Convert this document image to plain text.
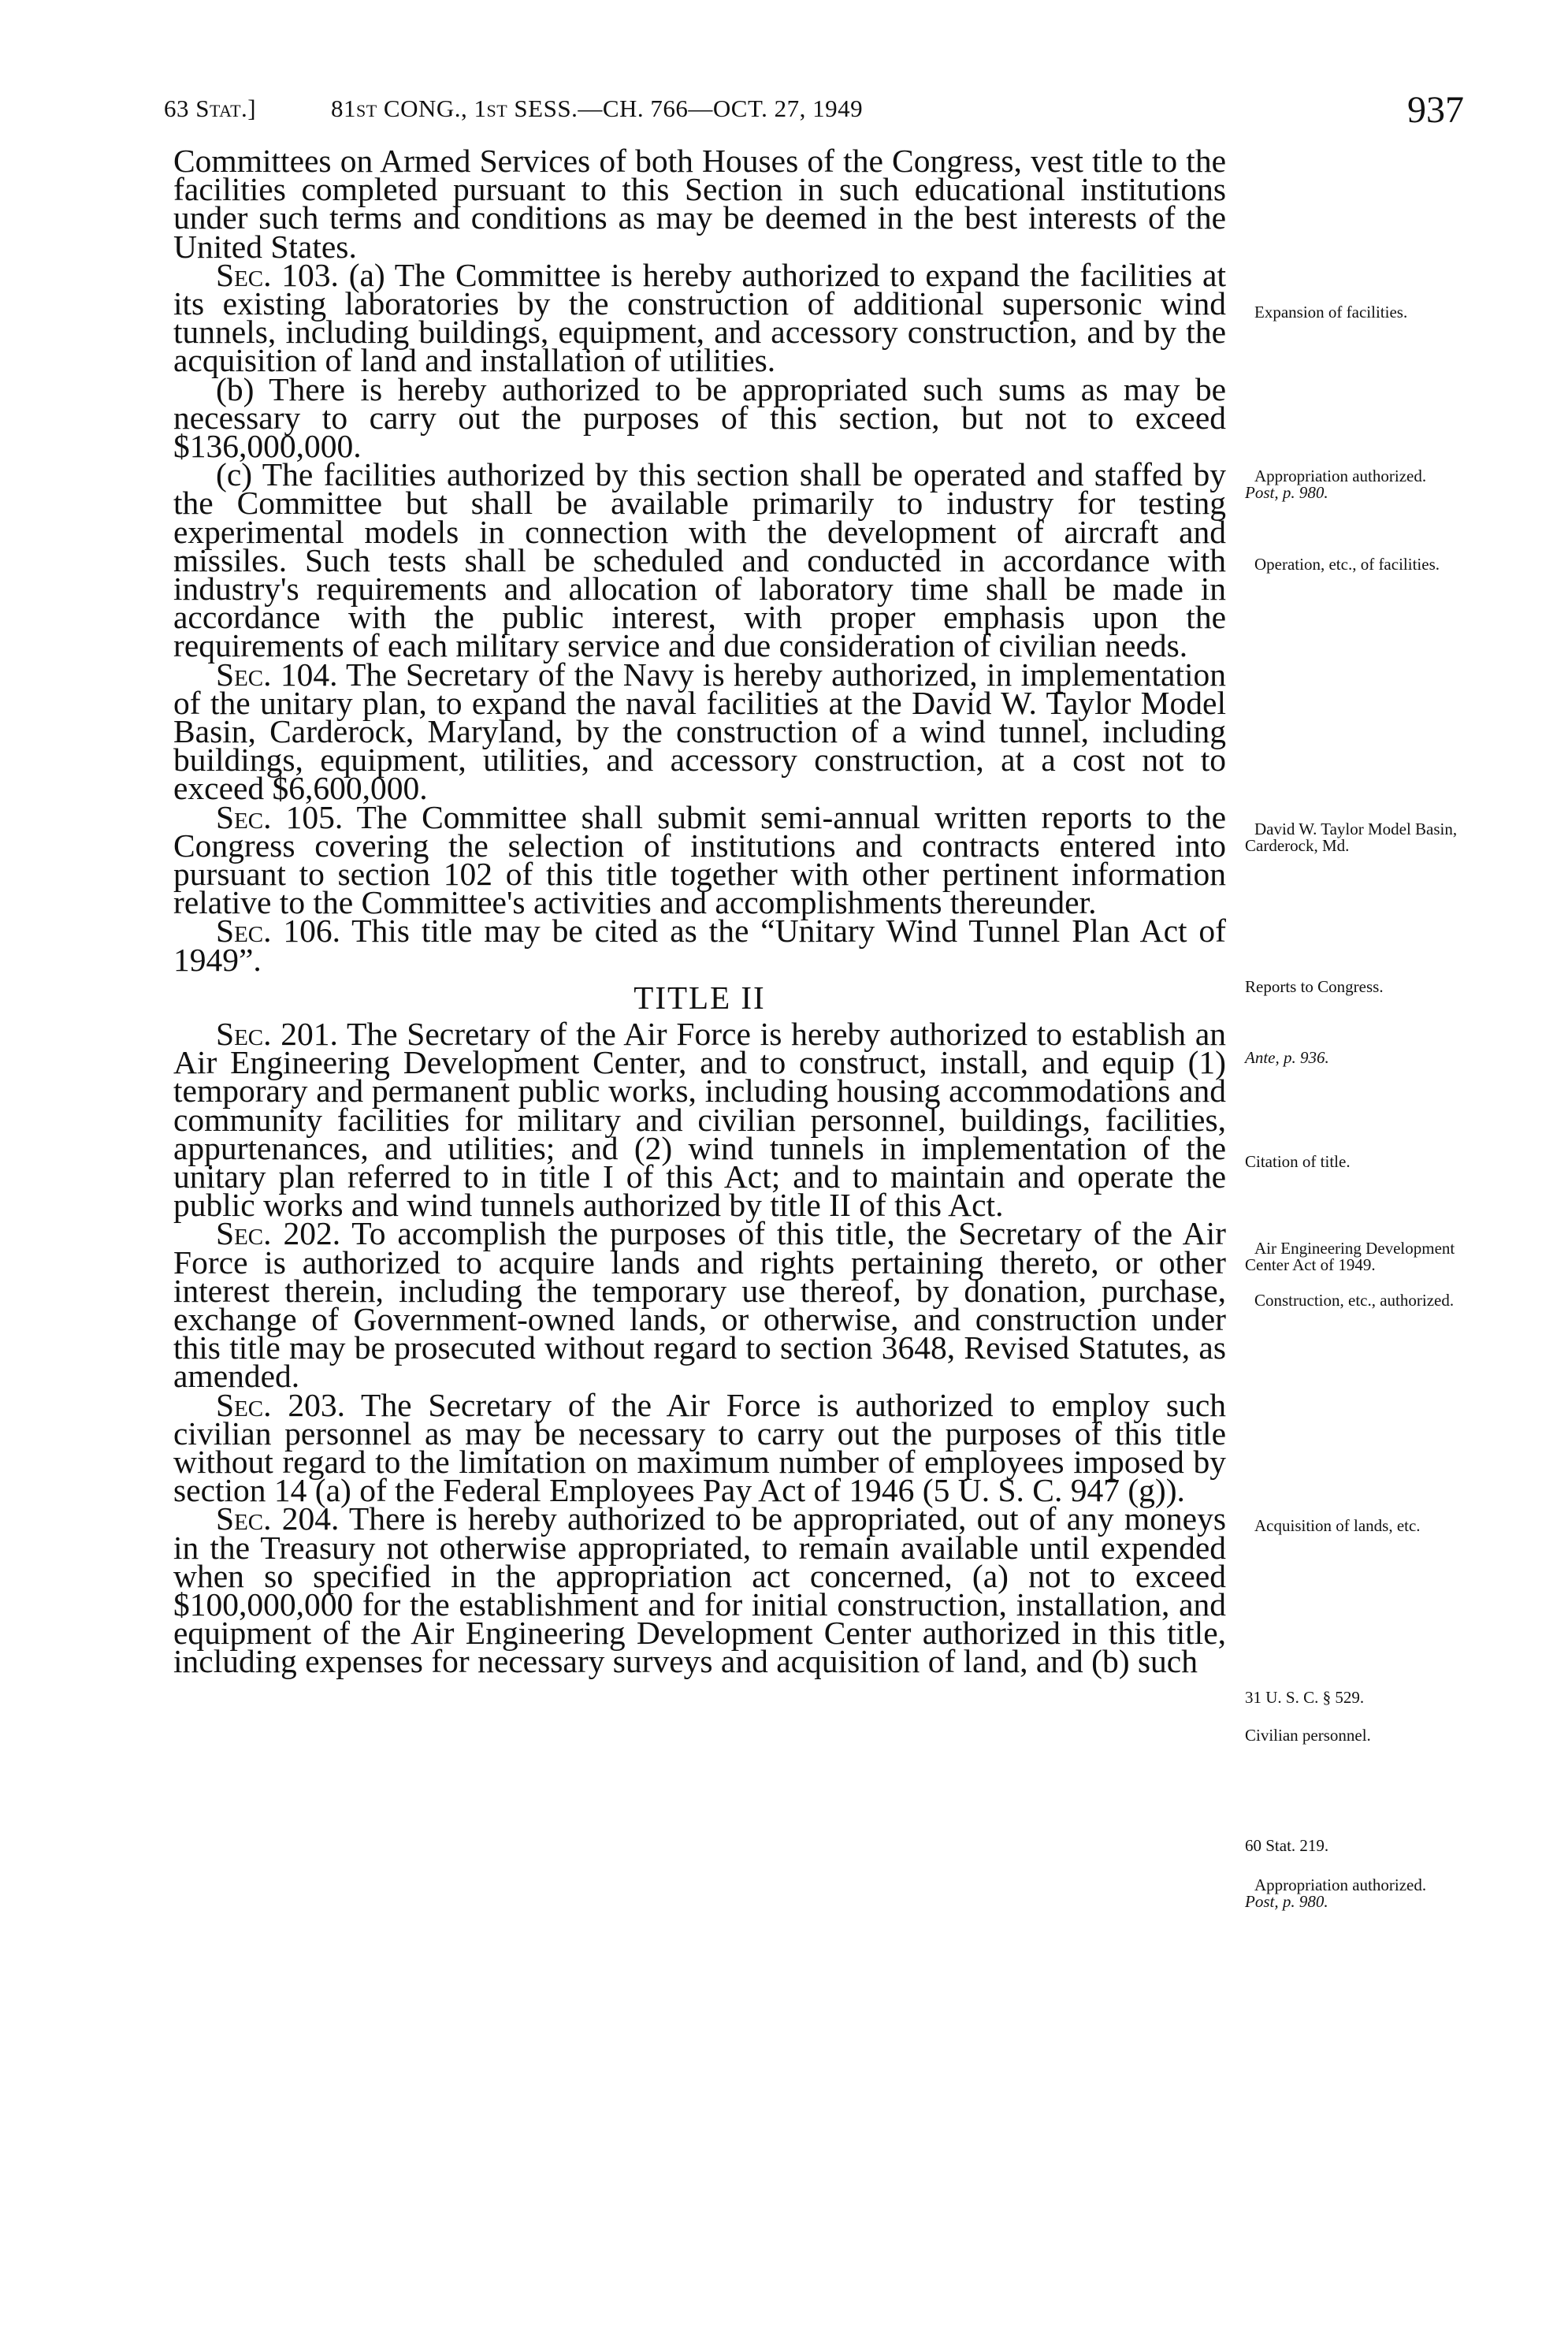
63 Stat.]	81st CONG., 1st SESS.—CH. 766—OCT. 27, 1949	937

Committees on Armed Services of both Houses of the Congress, vest title to the facilities completed pursuant to this Section in such educational institutions under such terms and conditions as may be deemed in the best interests of the United States.

Sec. 103. (a) The Committee is hereby authorized to expand the facilities at its existing laboratories by the construction of additional supersonic wind tunnels, including buildings, equipment, and accessory construction, and by the acquisition of land and installation of utilities.

(b) There is hereby authorized to be appropriated such sums as may be necessary to carry out the purposes of this section, but not to exceed $136,000,000.

(c) The facilities authorized by this section shall be operated and staffed by the Committee but shall be available primarily to industry for testing experimental models in connection with the development of aircraft and missiles. Such tests shall be scheduled and conducted in accordance with industry's requirements and allocation of laboratory time shall be made in accordance with the public interest, with proper emphasis upon the requirements of each military service and due consideration of civilian needs.

Sec. 104. The Secretary of the Navy is hereby authorized, in implementation of the unitary plan, to expand the naval facilities at the David W. Taylor Model Basin, Carderock, Maryland, by the construction of a wind tunnel, including buildings, equipment, utilities, and accessory construction, at a cost not to exceed $6,600,000.

Sec. 105. The Committee shall submit semi-annual written reports to the Congress covering the selection of institutions and contracts entered into pursuant to section 102 of this title together with other pertinent information relative to the Committee's activities and accomplishments thereunder.

Sec. 106. This title may be cited as the “Unitary Wind Tunnel Plan Act of 1949”.

TITLE II

Sec. 201. The Secretary of the Air Force is hereby authorized to establish an Air Engineering Development Center, and to construct, install, and equip (1) temporary and permanent public works, including housing accommodations and community facilities for military and civilian personnel, buildings, facilities, appurtenances, and utilities; and (2) wind tunnels in implementation of the unitary plan referred to in title I of this Act; and to maintain and operate the public works and wind tunnels authorized by title II of this Act.

Sec. 202. To accomplish the purposes of this title, the Secretary of the Air Force is authorized to acquire lands and rights pertaining thereto, or other interest therein, including the temporary use thereof, by donation, purchase, exchange of Government-owned lands, or otherwise, and construction under this title may be prosecuted without regard to section 3648, Revised Statutes, as amended.

Sec. 203. The Secretary of the Air Force is authorized to employ such civilian personnel as may be necessary to carry out the purposes of this title without regard to the limitation on maximum number of employees imposed by section 14 (a) of the Federal Employees Pay Act of 1946 (5 U. S. C. 947 (g)).

Sec. 204. There is hereby authorized to be appropriated, out of any moneys in the Treasury not otherwise appropriated, to remain available until expended when so specified in the appropriation act concerned, (a) not to exceed $100,000,000 for the establishment and for initial construction, installation, and equipment of the Air Engineering Development Center authorized in this title, including expenses for necessary surveys and acquisition of land, and (b) such

Expansion of facilities.
Appropriation authorized.
Post, p. 980.
Operation, etc., of facilities.
David W. Taylor Model Basin, Carderock, Md.
Reports to Congress.
Ante, p. 936.
Citation of title.
Air Engineering Development Center Act of 1949.
Construction, etc., authorized.
Acquisition of lands, etc.
31 U. S. C. § 529.
Civilian personnel.
60 Stat. 219.
Appropriation authorized.
Post, p. 980.
